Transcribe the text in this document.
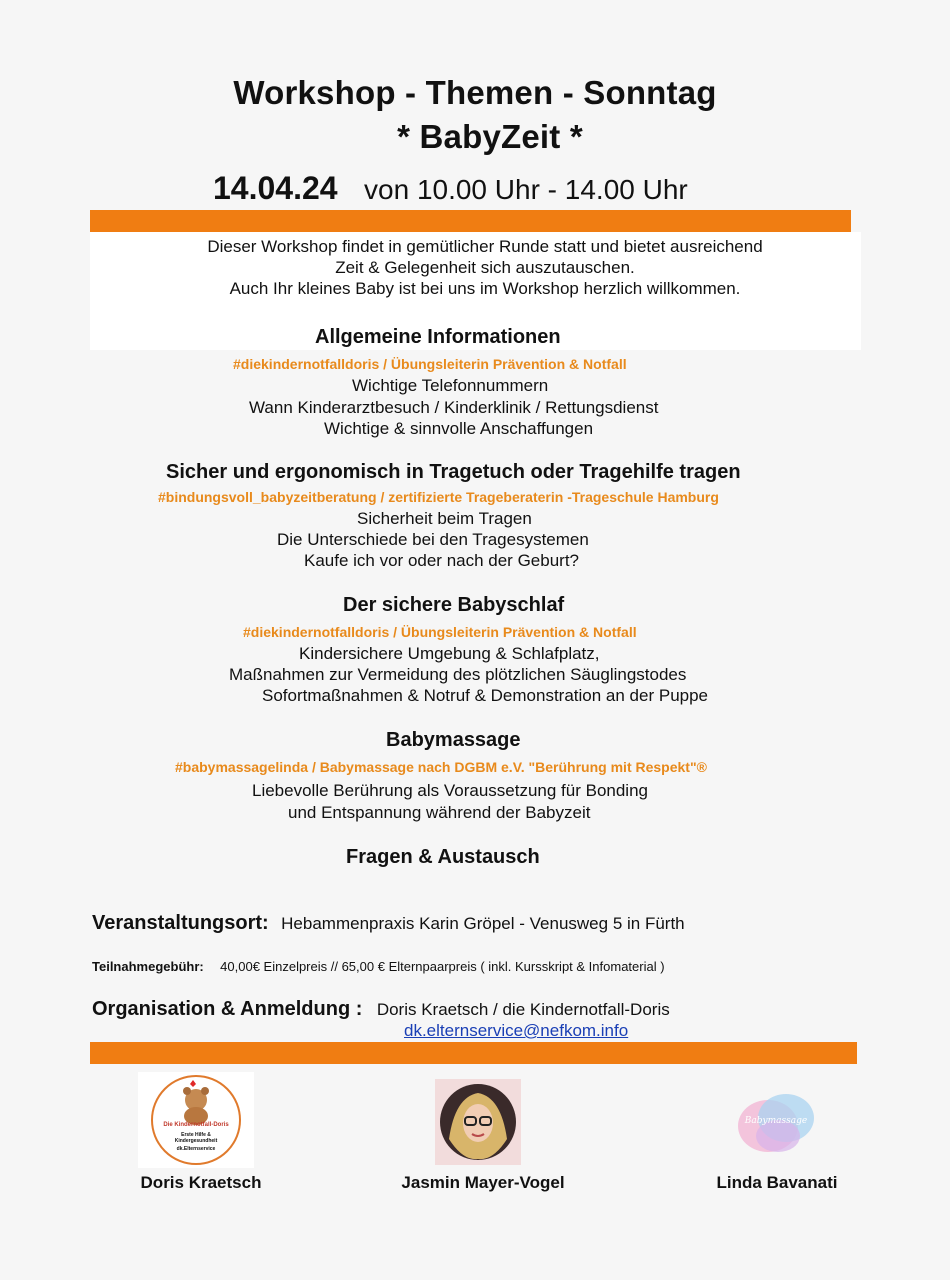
Workshop - Themen - Sonntag
* BabyZeit *
14.04.24 von 10.00 Uhr - 14.00 Uhr
Dieser Workshop findet in gemütlicher Runde statt und bietet ausreichend
Zeit & Gelegenheit sich auszutauschen.
Auch Ihr kleines Baby ist bei uns im Workshop herzlich willkommen.
Allgemeine Informationen
#diekindernotfalldoris / Übungsleiterin Prävention & Notfall
Wichtige Telefonnummern
Wann Kinderarztbesuch / Kinderklinik / Rettungsdienst
Wichtige & sinnvolle Anschaffungen
Sicher und ergonomisch in Tragetuch oder Tragehilfe tragen
#bindungsvoll_babyzeitberatung / zertifizierte Trageberaterin -Trageschule Hamburg
Sicherheit beim Tragen
Die Unterschiede bei den Tragesystemen
Kaufe ich vor oder nach der Geburt?
Der sichere Babyschlaf
#diekindernotfalldoris / Übungsleiterin Prävention & Notfall
Kindersichere Umgebung & Schlafplatz,
Maßnahmen zur Vermeidung des plötzlichen Säuglingstodes
Sofortmaßnahmen & Notruf & Demonstration an der Puppe
Babymassage
#babymassagelinda / Babymassage nach DGBM e.V. "Berührung mit Respekt"®
Liebevolle Berührung als Voraussetzung für Bonding
und Entspannung während der Babyzeit
Fragen & Austausch
Veranstaltungsort: Hebammenpraxis Karin Gröpel - Venusweg 5 in Fürth
Teilnahmegebühr: 40,00€ Einzelpreis // 65,00 € Elternpaarpreis ( inkl. Kursskript & Infomaterial )
Organisation & Anmeldung : Doris Kraetsch / die Kindernotfall-Doris
dk.elternservice@nefkom.info
Die Kindernotfall-Doris
Erste Hilfe & Kindergesundheit
dk.Elternservice
Babymassage
Doris Kraetsch	Jasmin Mayer-Vogel	Linda Bavanati
